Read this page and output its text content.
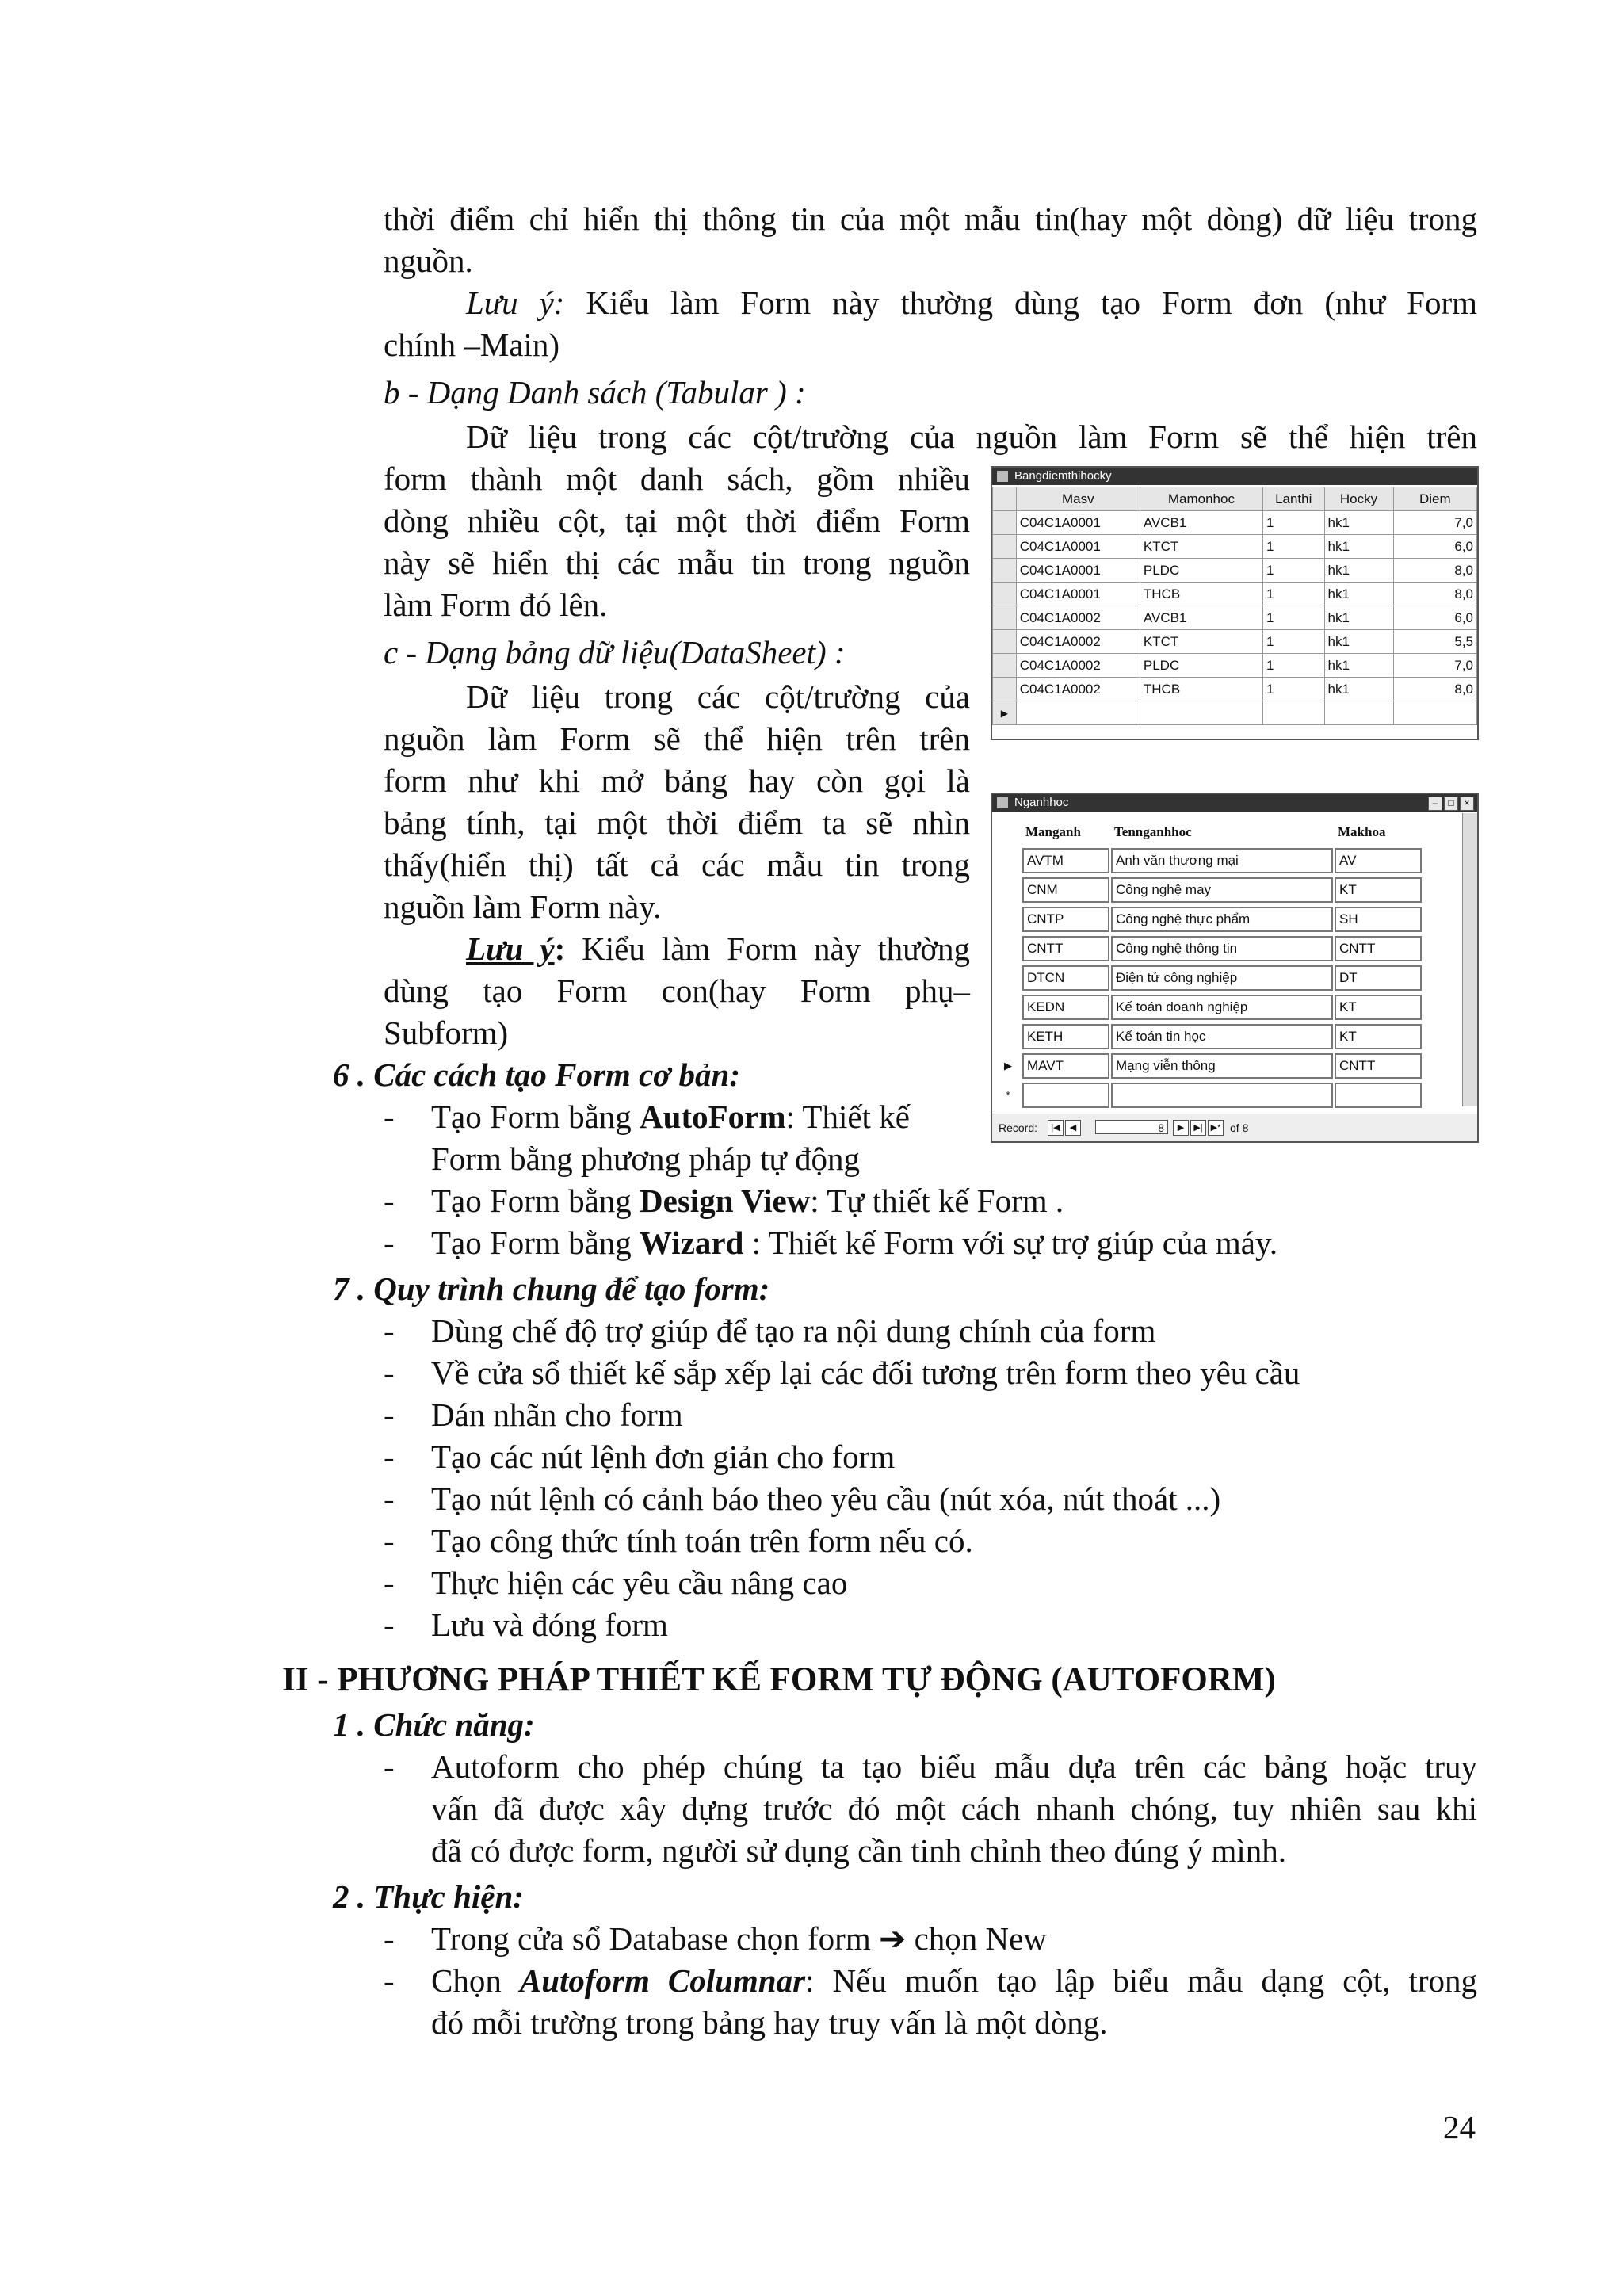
thời điểm chỉ hiển thị thông tin của một mẫu tin(hay một dòng) dữ liệu trong

nguồn.

Lưu ý: Kiểu làm Form này thường dùng tạo Form đơn (như Form

chính –Main)

b - Dạng Danh sách (Tabular ) :

Dữ liệu trong các cột/trường của nguồn làm Form sẽ thể hiện trên

form thành một danh sách, gồm nhiều

dòng nhiều cột, tại một thời điểm Form

này sẽ hiển thị các mẫu tin trong nguồn

làm Form đó lên.

c - Dạng bảng dữ liệu(DataSheet) :

Dữ liệu trong các cột/trường của

nguồn làm Form sẽ thể hiện trên trên

form như khi mở bảng hay còn gọi là

bảng tính, tại một thời điểm ta sẽ nhìn

thấy(hiển thị) tất cả các mẫu tin trong

nguồn làm Form này.

Lưu ý: Kiểu làm Form này thường

dùng tạo Form con(hay Form phụ–

Subform)

6 . Các cách tạo Form cơ bản:
- Tạo Form bằng AutoForm: Thiết kế
Form bằng phương pháp tự động
- Tạo Form bằng Design View: Tự thiết kế Form .
- Tạo Form bằng Wizard : Thiết kế Form với sự trợ giúp của máy.
7 . Quy trình chung để tạo form:
- Dùng chế độ trợ giúp để tạo ra nội dung chính của form
- Về cửa sổ thiết kế sắp xếp lại các đối tương trên form theo yêu cầu
- Dán nhãn cho form
- Tạo các nút lệnh đơn giản cho form
- Tạo nút lệnh có cảnh báo theo yêu cầu (nút xóa, nút thoát ...)
- Tạo công thức tính toán trên form nếu có.
- Thực hiện các yêu cầu nâng cao
- Lưu và đóng form
II - PHƯƠNG PHÁP THIẾT KẾ FORM TỰ ĐỘNG (AUTOFORM)
1 . Chức năng:
- Autoform cho phép chúng ta tạo biểu mẫu dựa trên các bảng hoặc truy

vấn đã được xây dựng trước đó một cách nhanh chóng, tuy nhiên sau khi

đã có được form, người sử dụng cần tinh chỉnh theo đúng ý mình.

2 . Thực hiện:
- Trong cửa sổ Database chọn form ➔ chọn New
- Chọn Autoform Columnar: Nếu muốn tạo lập biểu mẫu dạng cột, trong

đó mỗi trường trong bảng hay truy vấn là một dòng.

24
Bangdiemthihocky
	Masv	Mamonhoc	Lanthi	Hocky	Diem
	C04C1A0001	AVCB1	1	hk1	7,0
	C04C1A0001	KTCT	1	hk1	6,0
	C04C1A0001	PLDC	1	hk1	8,0
	C04C1A0001	THCB	1	hk1	8,0
	C04C1A0002	AVCB1	1	hk1	6,0
	C04C1A0002	KTCT	1	hk1	5,5
	C04C1A0002	PLDC	1	hk1	7,0
	C04C1A0002	THCB	1	hk1	8,0
▶					
Nganhhoc	–	□	×
Manganh Tennganhhoc	Makhoa
AVTM	Anh văn thương mại	AV
CNM	Công nghệ may	KT
CNTP	Công nghệ thực phẩm	SH
CNTT	Công nghệ thông tin	CNTT
DTCN	Điện tử công nghiệp	DT
KEDN	Kế toán doanh nghiệp	KT
KETH	Kế toán tin học	KT
▶	MAVT	Mạng viễn thông	CNTT
*
Record:	|◀	◀	8	▶	▶| ▶* of 8
